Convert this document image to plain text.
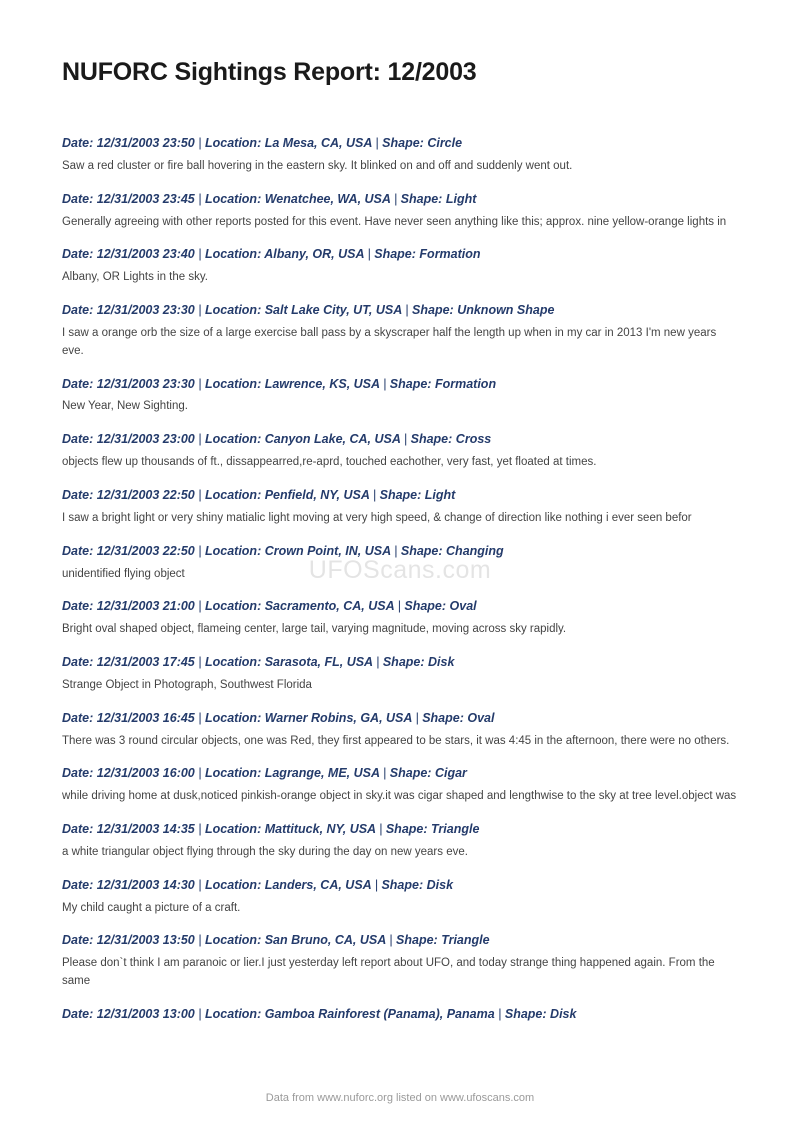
NUFORC Sightings Report: 12/2003
Date: 12/31/2003 23:50 | Location: La Mesa, CA, USA | Shape: Circle

Saw a red cluster or fire ball hovering in the eastern sky. It blinked on and off and suddenly went out.

Date: 12/31/2003 23:45 | Location: Wenatchee, WA, USA | Shape: Light

Generally agreeing with other reports posted for this event. Have never seen anything like this; approx. nine yellow-orange lights in

Date: 12/31/2003 23:40 | Location: Albany, OR, USA | Shape: Formation

Albany, OR Lights in the sky.

Date: 12/31/2003 23:30 | Location: Salt Lake City, UT, USA | Shape: Unknown Shape

I saw a orange orb the size of a large exercise ball pass by a skyscraper half the length up when in my car in 2013 I'm new years eve.

Date: 12/31/2003 23:30 | Location: Lawrence, KS, USA | Shape: Formation

New Year, New Sighting.

Date: 12/31/2003 23:00 | Location: Canyon Lake, CA, USA | Shape: Cross

objects flew up thousands of ft., dissappearred,re-aprd, touched eachother, very fast, yet floated at times.

Date: 12/31/2003 22:50 | Location: Penfield, NY, USA | Shape: Light

I saw a bright light or very shiny matialic light moving at very high speed, & change of direction like nothing i ever seen befor

Date: 12/31/2003 22:50 | Location: Crown Point, IN, USA | Shape: Changing

unidentified flying object

Date: 12/31/2003 21:00 | Location: Sacramento, CA, USA | Shape: Oval

Bright oval shaped object, flameing center, large tail, varying magnitude, moving across sky rapidly.

Date: 12/31/2003 17:45 | Location: Sarasota, FL, USA | Shape: Disk

Strange Object in Photograph, Southwest Florida

Date: 12/31/2003 16:45 | Location: Warner Robins, GA, USA | Shape: Oval

There was 3 round circular objects, one was Red, they first appeared to be stars, it was 4:45 in the afternoon, there were no others.

Date: 12/31/2003 16:00 | Location: Lagrange, ME, USA | Shape: Cigar

while driving home at dusk,noticed pinkish-orange object in sky.it was cigar shaped and lengthwise to the sky at tree level.object was

Date: 12/31/2003 14:35 | Location: Mattituck, NY, USA | Shape: Triangle

a white triangular object flying through the sky during the day on new years eve.

Date: 12/31/2003 14:30 | Location: Landers, CA, USA | Shape: Disk

My child caught a picture of a craft.

Date: 12/31/2003 13:50 | Location: San Bruno, CA, USA | Shape: Triangle

Please don`t think I am paranoic or lier.I just yesterday left report about UFO, and today strange thing happened again. From the same

Date: 12/31/2003 13:00 | Location: Gamboa Rainforest (Panama), Panama | Shape: Disk
UFOScans.com
Data from www.nuforc.org listed on www.ufoscans.com
